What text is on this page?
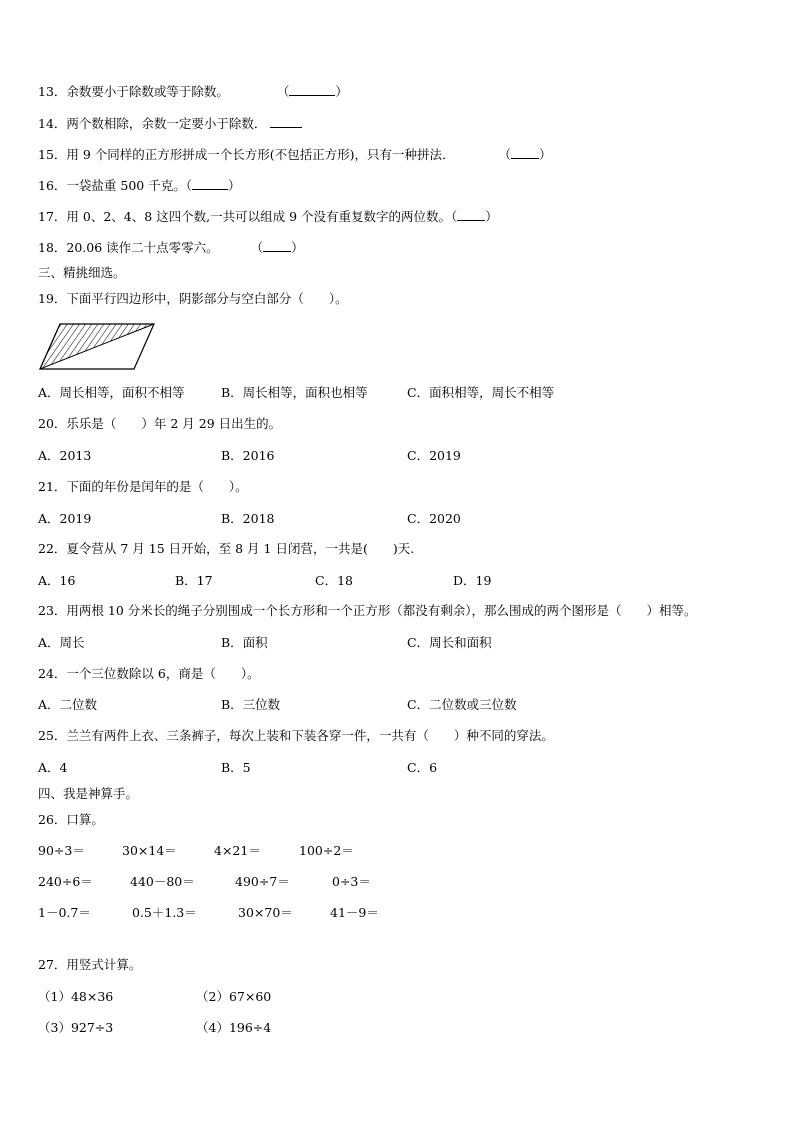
13．余数要小于除数或等于除数。	（	）
14．两个数相除，余数一定要小于除数．
15．用 9 个同样的正方形拼成一个长方形(不包括正方形)，只有一种拼法．	（ ）
16．一袋盐重 500 千克。（	）
17．用 0、2、4、8 这四个数,一共可以组成 9 个没有重复数字的两位数。（ ）
18．20.06 读作二十点零零六。	（ ）
三、精挑细选。
19．下面平行四边形中，阴影部分与空白部分（　　）。
A．周长相等，面积不相等	B．周长相等，面积也相等	C．面积相等，周长不相等
20．乐乐是（　　）年 2 月 29 日出生的。
A．2013	B．2016	C．2019
21．下面的年份是闰年的是（　　）。
A．2019	B．2018	C．2020
22．夏令营从 7 月 15 日开始，至 8 月 1 日闭营，一共是(　　)天.
A．16	B．17	C．18	D．19
23．用两根 10 分米长的绳子分别围成一个长方形和一个正方形（都没有剩余），那么围成的两个图形是（　　）相等。
A．周长	B．面积	C．周长和面积
24．一个三位数除以 6，商是（　　）。
A．二位数	B．三位数	C．二位数或三位数
25．兰兰有两件上衣、三条裤子，每次上装和下装各穿一件，一共有（　　）种不同的穿法。
A．4	B．5	C．6
四、我是神算手。
26．口算。
90÷3＝	30×14＝	4×21＝	100÷2＝
240÷6＝	440－80＝	490÷7＝	0÷3＝
1－0.7＝	0.5＋1.3＝	30×70＝	41－9＝
27．用竖式计算。
（1）48×36	（2）67×60
（3）927÷3	（4）196÷4
